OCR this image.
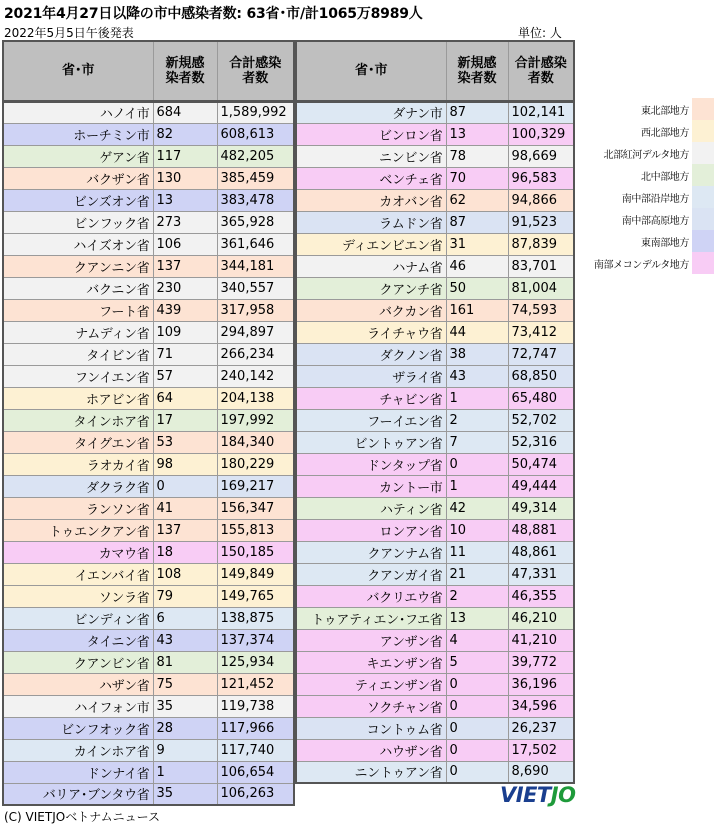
2021年4月27日以降の市中感染者数: 63省･市/計1065万8989人
2022年5月5日午後発表	単位: 人
省･市	新規感染者数	合計感染者数

ハノイ市	684	1,589,992
ホーチミン市	82	608,613
ゲアン省	117	482,205
バクザン省	130	385,459
ビンズオン省	13	383,478
ビンフック省	273	365,928
ハイズオン省	106	361,646
クアンニン省	137	344,181
バクニン省	230	340,557
フート省	439	317,958
ナムディン省	109	294,897
タイビン省	71	266,234
フンイエン省	57	240,142
ホアビン省	64	204,138
タインホア省	17	197,992
タイグエン省	53	184,340
ラオカイ省	98	180,229
ダクラク省	0	169,217
ランソン省	41	156,347
トゥエンクアン省	137	155,813
カマウ省	18	150,185
イエンバイ省	108	149,849
ソンラ省	79	149,765
ビンディン省	6	138,875
タイニン省	43	137,374
クアンビン省	81	125,934
ハザン省	75	121,452
ハイフォン市	35	119,738
ビンフオック省	28	117,966
カインホア省	9	117,740
ドンナイ省	1	106,654
バリア･ブンタウ省	35	106,263
省･市	新規感染者数	合計感染者数

ダナン市	87	102,141
ビンロン省	13	100,329
ニンビン省	78	98,669
ベンチェ省	70	96,583
カオバン省	62	94,866
ラムドン省	87	91,523
ディエンビエン省	31	87,839
ハナム省	46	83,701
クアンチ省	50	81,004
バクカン省	161	74,593
ライチャウ省	44	73,412
ダクノン省	38	72,747
ザライ省	43	68,850
チャビン省	1	65,480
フーイエン省	2	52,702
ビントゥアン省	7	52,316
ドンタップ省	0	50,474
カントー市	1	49,444
ハティン省	42	49,314
ロンアン省	10	48,881
クアンナム省	11	48,861
クアンガイ省	21	47,331
バクリエウ省	2	46,355
トゥアティエン･フエ省	13	46,210
アンザン省	4	41,210
キエンザン省	5	39,772
ティエンザン省	0	36,196
ソクチャン省	0	34,596
コントゥム省	0	26,237
ハウザン省	0	17,502
ニントゥアン省	0	8,690
東北部地方	
西北部地方	
北部紅河デルタ地方	
北中部地方	
南中部沿岸地方	
南中部高原地方	
東南部地方	
南部メコンデルタ地方	
VIETJO
(C) VIETJOベトナムニュース
